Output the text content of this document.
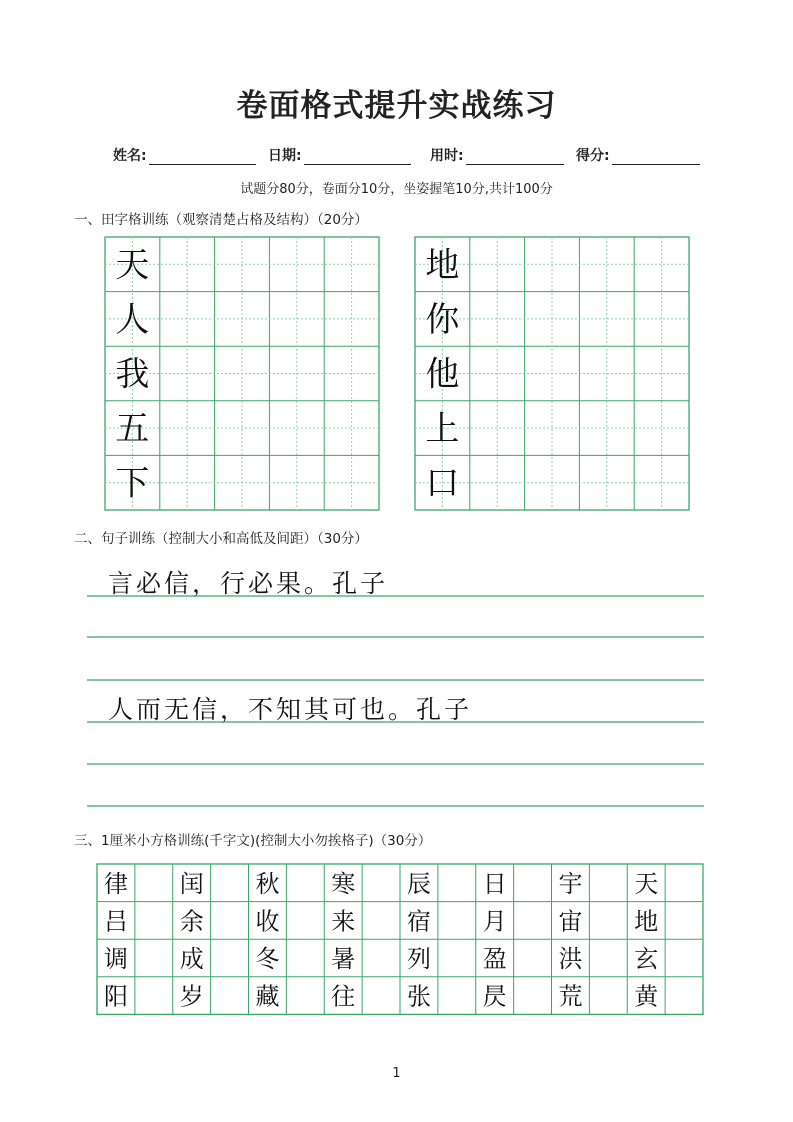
卷面格式提升实战练习
姓名:	日期:	用时:	得分:
试题分80分，卷面分10分，坐姿握笔10分,共计100分
一、田字格训练（观察清楚占格及结构）（20分）
二、句子训练（控制大小和高低及间距）（30分）
三、1厘米小方格训练(千字文)(控制大小勿挨格子)（30分）
言必信，行必果。孔子
人而无信，不知其可也。孔子
天
人
我
五
下
地
你
他
上
口
律 闰 秋 寒 辰 日 宇 天
吕 余 收 来 宿 月 宙 地
调 成 冬 暑 列 盈 洪 玄
阳 岁 藏 往 张 昃 荒 黄
1
